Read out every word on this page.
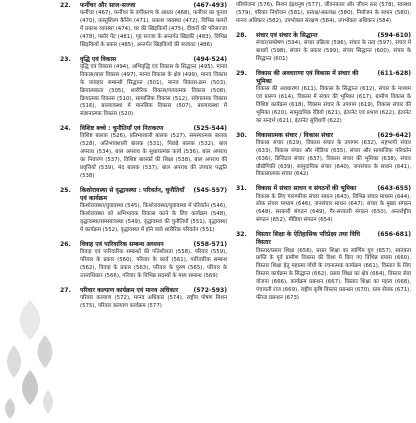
22.	फर्नीचर और साज-सज्जा	(467-493)
फर्नीचर (467), फर्नीचर के वर्गीकरण के आधार (468), फर्नीचर का चुनाव (470), वास्तुशिल्प कैनिंग (471), प्रकाश व्यवस्था (472), विभिन्न कमरों में प्रकाश व्यवस्था (474), घर की खिड़कियाँ (475), दीवारों की परिसज्जा (478), फ्लोर पेंट (481), गृह सज्जा के अन्तर्गत खिड़की (483), विभिन्न खिड़कियों के प्रकार (485), अन्तर्गत खिड़कियों की सजावट (486)
23.	वृद्धि एवं विकास	(494-524)
वृद्धि एवं विकास (494), अभिवृद्धि एवं विकास के सिद्धान्त (495), मानव विकास/बाल विकास (497), मानव विकास के क्षेत्र (499), मानव विकास के व्यवहार सम्बन्धी सिद्धान्त (501), मानव विकास-क्रम (503), क्रियात्मकता (505), शारीरिक विकास/गत्यात्मक विकास (508), क्रियात्मक विकास (510), सामाजिक विकास (512), संवेगात्मक विकास (516), बाल्यावस्था में मानसिक विकास (507), बाल्यावस्था में संज्ञानात्मक विकास (520)
24.	विशिष्ट बच्चे : चुनौतियाँ एवं निराकरण	(525-544)
विशिष्ट बालक (526), प्रतिभाशाली बालक (527), समस्यात्मक बालक (528), अतिभावशाली बालक (531), पिछड़े बालक (532), बाल अपराध (534), बाल अपराध के सुधारात्मक कार्य (536), बाल अपराध का निवारण (537), विशिष्ट बालकों की शिक्षा (538), बाल अपराध की प्रवृत्तियाँ (539), मंद बालक (537), बाल अपराध की उपचार पद्धति (538)
25.	किशोरावस्था से वृद्धावस्था : परिवर्तन, चुनौतियाँ एवं कार्यक्रम
(545-557)
किशोरावस्था/युवावस्था (545), किशोरावस्था/युवावस्था में परिवर्तन (546), किशोरावस्था को अभिभावक विकास करने के लिए कार्यक्रम (548), वृद्धावस्था/समस्यावस्था (549), वृद्धावस्था की चुनौतियाँ (551), वृद्धावस्था में कार्यक्रम (552), वृद्धावस्था में होने वाले शारीरिक परिवर्तन (551)
26.	विवाह एवं पारिवारिक सम्बन्ध अध्ययन	(558-571)
विवाह एवं पारिवारिक सम्बन्धों की गतिशीलता (558), परिवार (559), परिवार के प्रकार (560), परिवार के कार्य (561), पारिवारिक सम्बन्ध (562), विवाह के प्रकार (563), परिवार के पुरुष (565), परिवार के उत्तराधिकार (566), परिवार के विभिन्न सदस्यों के मध्य सम्बन्ध (569)
27.	परिवार कल्याण कार्यक्रम एवं मानव अधिकार	(572-593)
परिवार कल्याण (572), मानव अधिकार (574), राष्ट्रीय पोषण मिशन (575), परिवार कल्याण कार्यक्रम (577)
परियोजना (576), मिशन इंद्रधनुष (577), जीवनकाल और जीवन स्तर (578), स्वास्थ्य (579), परिवार नियोजन (581), प्रत्यक्ष/अप्रत्यक्ष (580), नियोजन के साधन (580), मानव अधिकार (582), उपभोक्ता संरक्षण (584), उपभोक्ता अधिकार (584)
28.	संचार एवं संचार के सिद्धान्त	(594-610)
संचार/सम्प्रेषण (594), संचार प्रक्रिया (596), संचार के तत्व (597), संचार में बाधाएँ (598), संचार के प्रकार (599), संचार सिद्धान्त (600), संचार के सिद्धान्त (601)
29.	विकास की अवधारणा एवं विकास में संचार की भूमिका
(611-628)
विकास की अवधारणा (611), विकास के सिद्धान्त (612), संचार के माध्यम एवं प्रारूप (614), विकास में संचार की भूमिका (617), ग्रामीण विकास के विशिष्ट कार्यक्रम (618), विकास संचार के उपागम (619), विकास संचार की भूमिका (620), सामुदायिक रेडियो (621), इंटरनेट एवं प्रभाव (622), इंटरनेट का सन्दर्भ (621), इंटरनेट सुविधाएँ (622)
30.	विकासात्मक संचार / विकास संचार	(629-642)
विकास संचार (629), विकास संचार के उपागम (632), सहभागी संचार (633), विकास संचार और मीडिया (635), संचार और सामाजिक परिवर्तन (636), डिजिटल संचार (637), विकास संचार की भूमिका (638), संचार प्रौद्योगिकी (639), सामुदायिक संचार (640), जनसंचार के साधन (641), विकासात्मक संचार (642)
31.	विकास में संचार साधन व संगठनों की भूमिका	(643-655)
विकास के लिए पारम्परिक संचार साधन (643), विभिन्न संचार माध्यम (644), लोक संचार माध्यम (646), जनसंचार साधन (647), संचार के मुख्य संगठन (648), सरकारी संगठन (649), गैर-सरकारी संगठन (650), अन्तर्राष्ट्रीय संगठन (652), मीडिया संगठन (654)
32.	विस्तार शिक्षा के ऐतिहासिक परिप्रेक्ष्य तथा विधि विस्तार
(656-681)
विस्तार/प्रसार शिक्षा (656), प्रसार शिक्षा का स्वर्णिम युग (657), स्वतंत्रता प्राप्ति के पूर्व ग्रामीण विकास की दिशा में किए गए विभिन्न प्रयास (660), विस्तार शिक्षा हेतु महात्मा गाँधी के रचनात्मक कार्यक्रम (661), विस्तार के लिए विस्तार कार्यक्रम के सिद्धान्त (662), प्रसार शिक्षा का क्षेत्र (664), विस्तार सेवा योजना (666), कार्यक्रम प्रबन्धन (667), विस्तार शिक्षा का महत्व (668), पंचायती राज (669), राष्ट्रीय कृषि विस्तार प्रबन्धन (670), ग्राम सेवक (671), फील्ड प्रबन्धन (673)
